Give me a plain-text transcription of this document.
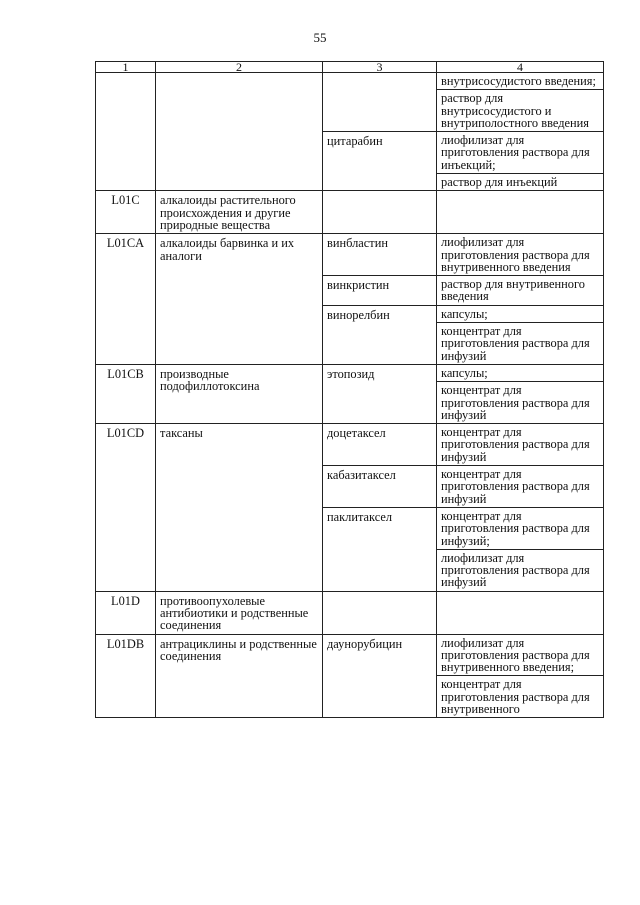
55
1	2	3	4

			внутрисосудистого введения;
раствор для внутрисосудистого и внутриполостного введения

		цитарабин	лиофилизат для приготовления раствора для инъекций;
раствор для инъекций

L01C	алкалоиды растительного происхождения и другие природные вещества		

L01CA	алкалоиды барвинка и их аналоги	винбластин	лиофилизат для приготовления раствора для внутривенного введения

		винкристин	раствор для внутривенного введения

		винорелбин	капсулы;
концентрат для приготовления раствора для инфузий

L01CB	производные подофиллотоксина	этопозид	капсулы;
концентрат для приготовления раствора для инфузий

L01CD	таксаны	доцетаксел	концентрат для приготовления раствора для инфузий

		кабазитаксел	концентрат для приготовления раствора для инфузий

		паклитаксел	концентрат для приготовления раствора для инфузий;
лиофилизат для приготовления раствора для инфузий

L01D	противоопухолевые антибиотики и родственные соединения		

L01DB	антрациклины и родственные соединения	даунорубицин	лиофилизат для приготовления раствора для внутривенного введения;
концентрат для приготовления раствора для внутривенного
